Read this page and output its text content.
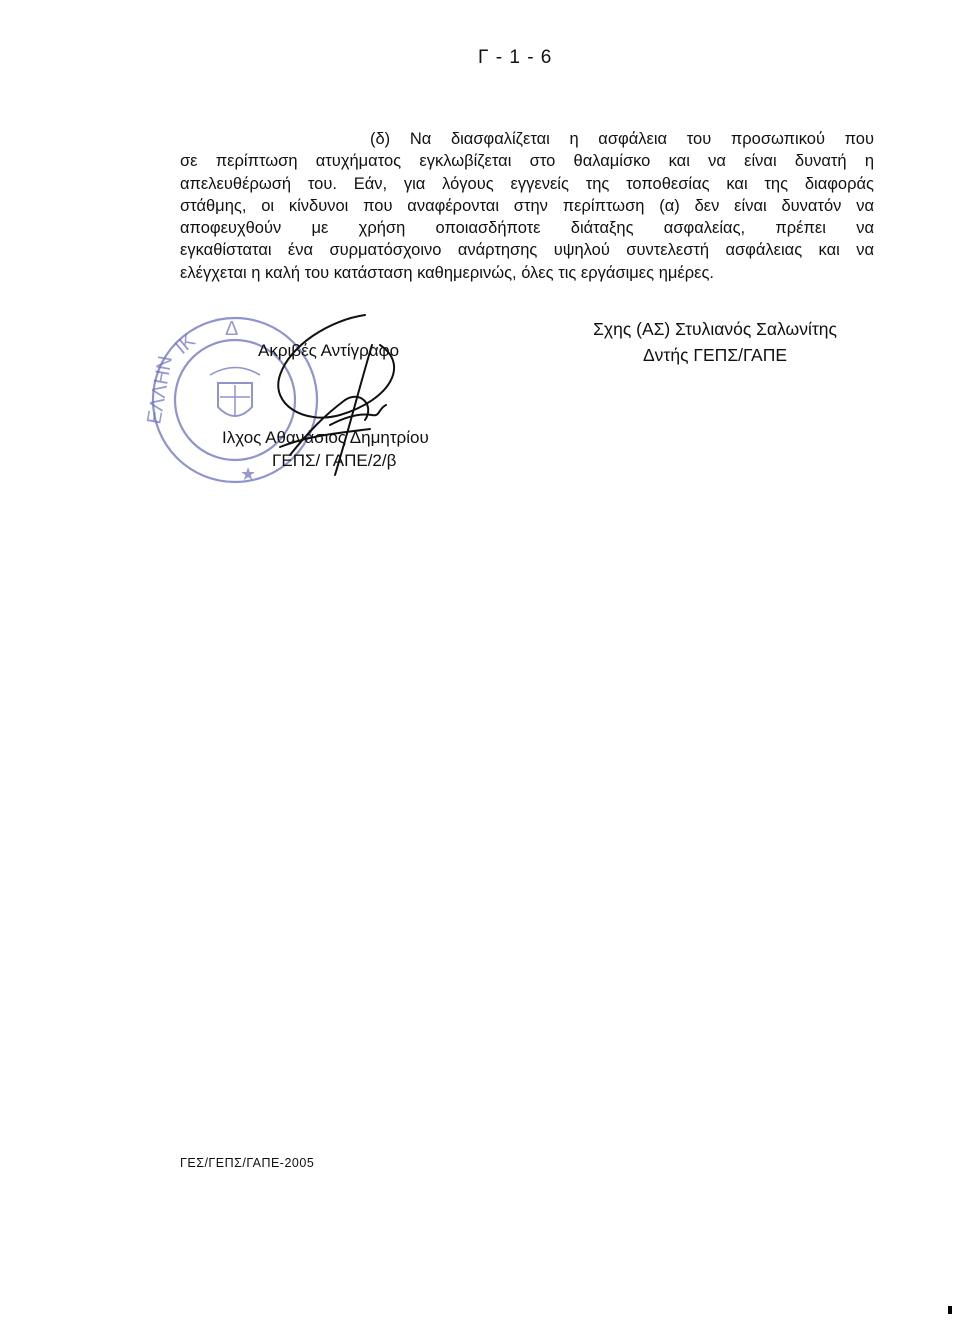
Γ - 1 - 6
(δ) Να διασφαλίζεται η ασφάλεια του προσωπικού που
σε περίπτωση ατυχήματος εγκλωβίζεται στο θαλαμίσκο και να είναι δυνατή η
απελευθέρωσή του. Εάν, για λόγους εγγενείς της τοποθεσίας και της διαφοράς
στάθμης, οι κίνδυνοι που αναφέρονται στην περίπτωση (α) δεν είναι δυνατόν να
αποφευχθούν με χρήση οποιασδήποτε διάταξης ασφαλείας, πρέπει να
εγκαθίσταται ένα συρματόσχοινο ανάρτησης υψηλού συντελεστή ασφάλειας και να
ελέγχεται η καλή του κατάσταση καθημερινώς, όλες τις εργάσιμες ημέρες.
Σχης (ΑΣ) Στυλιανός Σαλωνίτης
Δντής ΓΕΠΣ/ΓΑΠΕ
ΕΛΛΗΝ
ΙΚ
Δ
★
Ακριβές Αντίγραφο
Ιλχος Αθανάσιος Δημητρίου
ΓΕΠΣ/ ΓΑΠΕ/2/β
ΓΕΣ/ΓΕΠΣ/ΓΑΠΕ-2005
